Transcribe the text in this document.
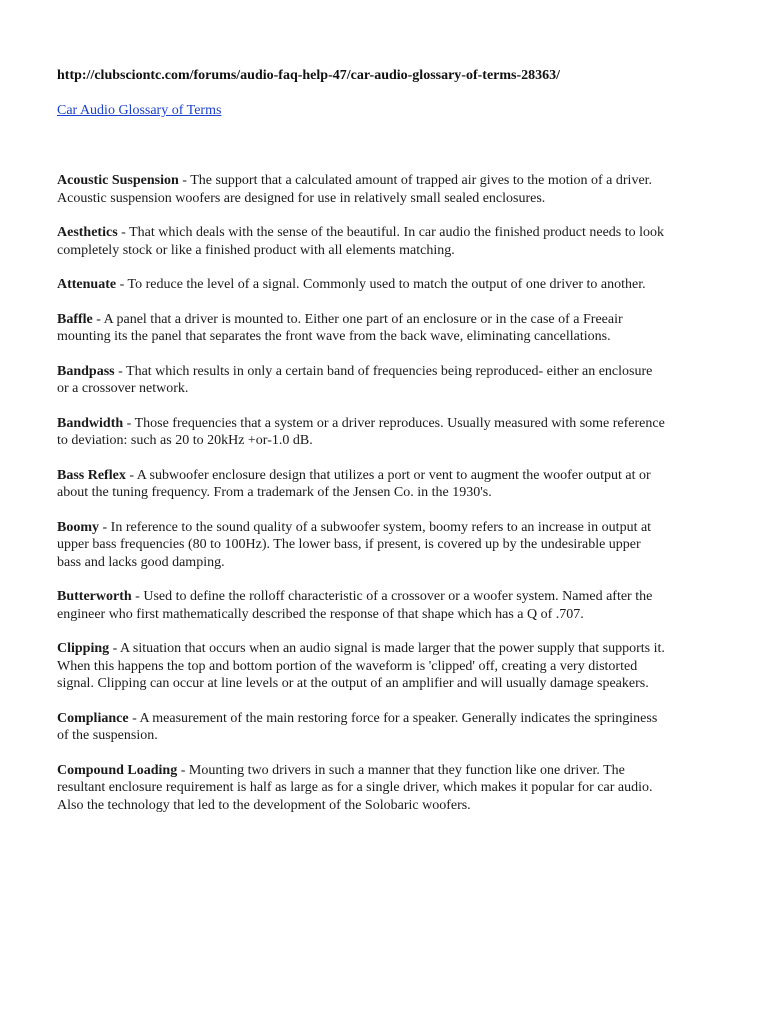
http://clubsciontc.com/forums/audio-faq-help-47/car-audio-glossary-of-terms-28363/
Car Audio Glossary of Terms

Acoustic Suspension - The support that a calculated amount of trapped air gives to the motion of a driver. Acoustic suspension woofers are designed for use in relatively small sealed enclosures.

Aesthetics - That which deals with the sense of the beautiful. In car audio the finished product needs to look completely stock or like a finished product with all elements matching.

Attenuate - To reduce the level of a signal. Commonly used to match the output of one driver to another.

Baffle - A panel that a driver is mounted to. Either one part of an enclosure or in the case of a Freeair mounting its the panel that separates the front wave from the back wave, eliminating cancellations.

Bandpass - That which results in only a certain band of frequencies being reproduced- either an enclosure or a crossover network.

Bandwidth - Those frequencies that a system or a driver reproduces. Usually measured with some reference to deviation: such as 20 to 20kHz +or-1.0 dB.

Bass Reflex - A subwoofer enclosure design that utilizes a port or vent to augment the woofer output at or about the tuning frequency. From a trademark of the Jensen Co. in the 1930's.

Boomy - In reference to the sound quality of a subwoofer system, boomy refers to an increase in output at upper bass frequencies (80 to 100Hz). The lower bass, if present, is covered up by the undesirable upper bass and lacks good damping.

Butterworth - Used to define the rolloff characteristic of a crossover or a woofer system. Named after the engineer who first mathematically described the response of that shape which has a Q of .707.

Clipping - A situation that occurs when an audio signal is made larger that the power supply that supports it. When this happens the top and bottom portion of the waveform is 'clipped' off, creating a very distorted signal. Clipping can occur at line levels or at the output of an amplifier and will usually damage speakers.

Compliance - A measurement of the main restoring force for a speaker. Generally indicates the springiness of the suspension.

Compound Loading - Mounting two drivers in such a manner that they function like one driver. The resultant enclosure requirement is half as large as for a single driver, which makes it popular for car audio. Also the technology that led to the development of the Solobaric woofers.
